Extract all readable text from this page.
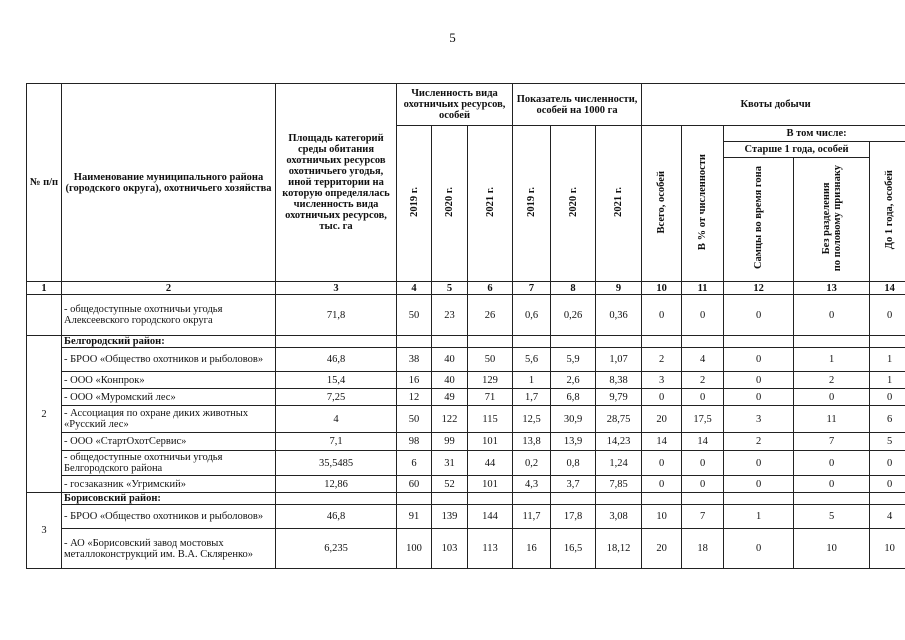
5
№ п/п	Наименование муниципального района (городского округа), охотничьего хозяйства	Площадь категорий среды обитания охотничьих ресурсов охотничьего угодья, иной территории на которую определялась численность вида охотничьих ресурсов, тыс. га	Численность вида охотничьих ресурсов, особей			Показатель численности, особей на 1000 га			Квоты добычи				
			2019 г.	2020 г.	2021 г.	2019 г.	2020 г.	2021 г.	Всего, особей	В % от численности	В том числе:		
											Старше 1 года, особей		До 1 года, особей
											Самцы во время гона	Без разделения по половому признаку	

1	2	3	4	5	6	7	8	9	10	11	12	13	14
	- общедоступные охотничьи угодья Алексеевского городского округа	71,8	50	23	26	0,6	0,26	0,36	0	0	0	0	0
2	Белгородский район:												
	- БРОО «Общество охотников и рыболовов»	46,8	38	40	50	5,6	5,9	1,07	2	4	0	1	1
	- ООО «Конпрок»	15,4	16	40	129	1	2,6	8,38	3	2	0	2	1
	- ООО «Муромский лес»	7,25	12	49	71	1,7	6,8	9,79	0	0	0	0	0
	- Ассоциация по охране диких животных «Русский лес»	4	50	122	115	12,5	30,9	28,75	20	17,5	3	11	6
	- ООО «СтартОхотСервис»	7,1	98	99	101	13,8	13,9	14,23	14	14	2	7	5
	- общедоступные охотничьи угодья Белгородского района	35,5485	6	31	44	0,2	0,8	1,24	0	0	0	0	0
	- госзаказник «Угримский»	12,86	60	52	101	4,3	3,7	7,85	0	0	0	0	0
3	Борисовский район:												
	- БРОО «Общество охотников и рыболовов»	46,8	91	139	144	11,7	17,8	3,08	10	7	1	5	4
	- АО «Борисовский завод мостовых металлоконструкций им. В.А. Скляренко»	6,235	100	103	113	16	16,5	18,12	20	18	0	10	10
